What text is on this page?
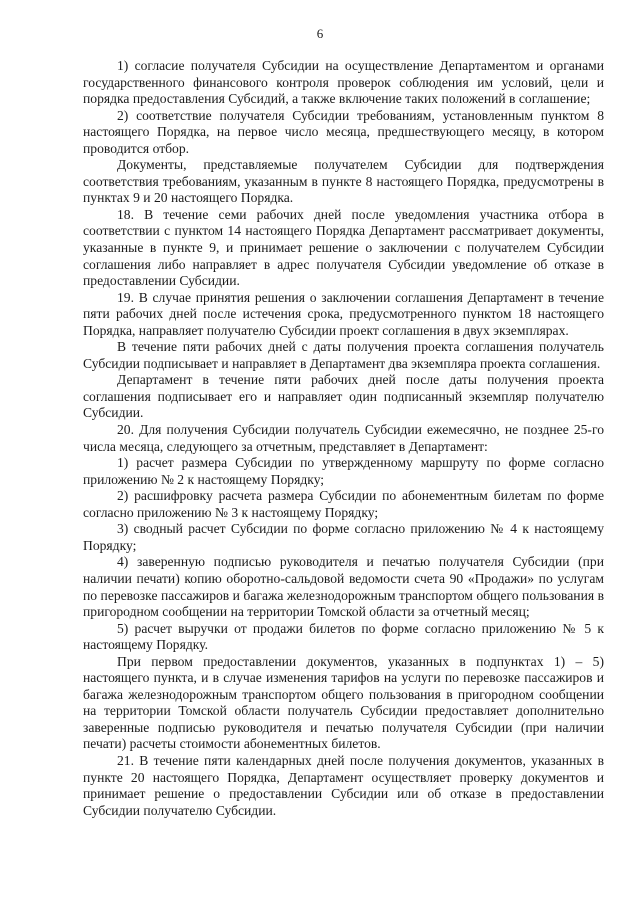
6

1) согласие получателя Субсидии на осуществление Департаментом и органами государственного финансового контроля проверок соблюдения им условий, цели и порядка предоставления Субсидий, а также включение таких положений в соглашение;

2) соответствие получателя Субсидии требованиям, установленным пунктом 8 настоящего Порядка, на первое число месяца, предшествующего месяцу, в котором проводится отбор.

Документы, представляемые получателем Субсидии для подтверждения соответствия требованиям, указанным в пункте 8 настоящего Порядка, предусмотрены в пунктах 9 и 20 настоящего Порядка.

18. В течение семи рабочих дней после уведомления участника отбора в соответствии с пунктом 14 настоящего Порядка Департамент рассматривает документы, указанные в пункте 9, и принимает решение о заключении с получателем Субсидии соглашения либо направляет в адрес получателя Субсидии уведомление об отказе в предоставлении Субсидии.

19. В случае принятия решения о заключении соглашения Департамент в течение пяти рабочих дней после истечения срока, предусмотренного пунктом 18 настоящего Порядка, направляет получателю Субсидии проект соглашения в двух экземплярах.

В течение пяти рабочих дней с даты получения проекта соглашения получатель Субсидии подписывает и направляет в Департамент два экземпляра проекта соглашения.

Департамент в течение пяти рабочих дней после даты получения проекта соглашения подписывает его и направляет один подписанный экземпляр получателю Субсидии.

20. Для получения Субсидии получатель Субсидии ежемесячно, не позднее 25-го числа месяца, следующего за отчетным, представляет в Департамент:

1) расчет размера Субсидии по утвержденному маршруту по форме согласно приложению № 2 к настоящему Порядку;

2) расшифровку расчета размера Субсидии по абонементным билетам по форме согласно приложению № 3 к настоящему Порядку;

3) сводный расчет Субсидии по форме согласно приложению № 4 к настоящему Порядку;

4) заверенную подписью руководителя и печатью получателя Субсидии (при наличии печати) копию оборотно-сальдовой ведомости счета 90 «Продажи» по услугам по перевозке пассажиров и багажа железнодорожным транспортом общего пользования в пригородном сообщении на территории Томской области за отчетный месяц;

5) расчет выручки от продажи билетов по форме согласно приложению № 5 к настоящему Порядку.

При первом предоставлении документов, указанных в подпунктах 1) – 5) настоящего пункта, и в случае изменения тарифов на услуги по перевозке пассажиров и багажа железнодорожным транспортом общего пользования в пригородном сообщении на территории Томской области получатель Субсидии предоставляет дополнительно заверенные подписью руководителя и печатью получателя Субсидии (при наличии печати) расчеты стоимости абонементных билетов.

21. В течение пяти календарных дней после получения документов, указанных в пункте 20 настоящего Порядка, Департамент осуществляет проверку документов и принимает решение о предоставлении Субсидии или об отказе в предоставлении Субсидии получателю Субсидии.
